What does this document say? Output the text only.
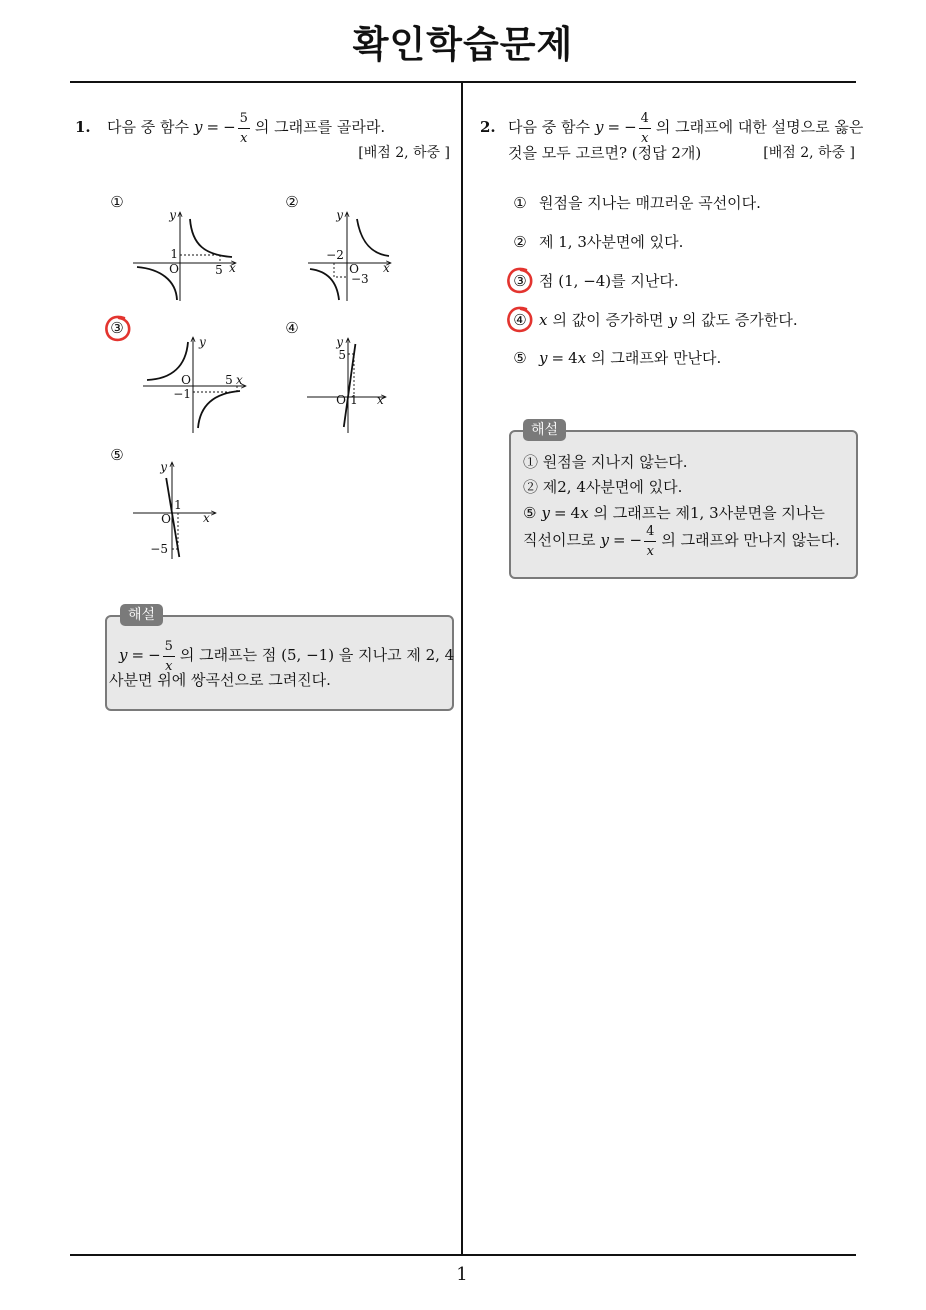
확인학습문제
1
1. 다음 중 함수 y = − $\frac{5}{x}$ 의 그래프를 골라라.
[배점 2, 하중 ]
①
y
x
O
1
5
②
y
x
O
−2
−3
③
y
x
O	5
−1
④
y
x
O 1
5
⑤
y
x
O
1
−5
해설
y = − $\frac{5}{x}$ 의 그래프는 점 (5, −1) 을 지나고 제 2, 4
사분면 위에 쌍곡선으로 그려진다.
2. 다음 중 함수 y = − $\frac{4}{x}$ 의 그래프에 대한 설명으로 옳은
것을 모두 고르면? (정답 2개)	[배점 2, 하중 ]
① 원점을 지나는 매끄러운 곡선이다.
② 제 1, 3사분면에 있다.
③ 점 (1, −4)를 지난다.
④ x 의 값이 증가하면 y 의 값도 증가한다.
⑤ y = 4x 의 그래프와 만난다.
해설
① 원점을 지나지 않는다.
② 제2, 4사분면에 있다.
⑤ y = 4x 의 그래프는 제1, 3사분면을 지나는
직선이므로 y = − $\frac{4}{x}$ 의 그래프와 만나지 않는다.
